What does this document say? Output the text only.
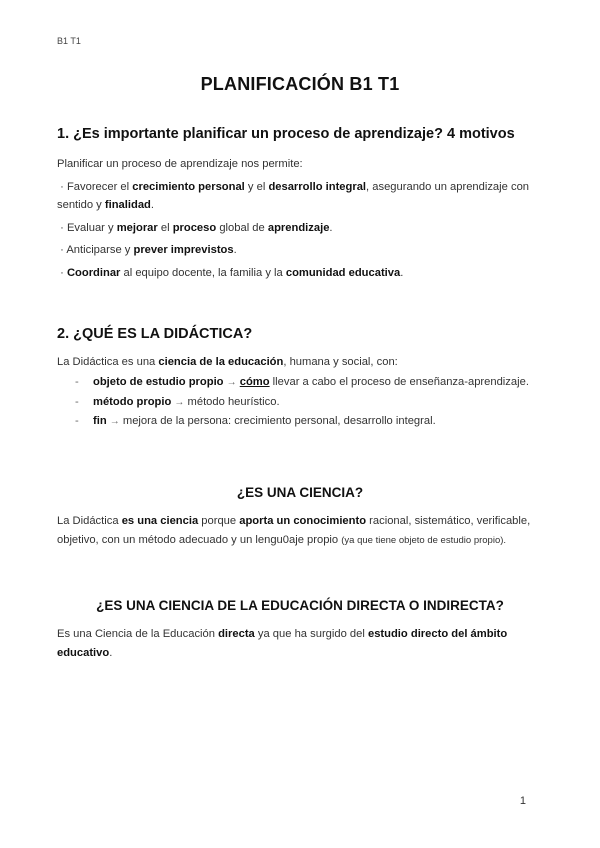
B1 T1
PLANIFICACIÓN B1 T1
1. ¿Es importante planificar un proceso de aprendizaje? 4 motivos
Planificar un proceso de aprendizaje nos permite:
· Favorecer el crecimiento personal y el desarrollo integral, asegurando un aprendizaje con sentido y finalidad.
· Evaluar y mejorar el proceso global de aprendizaje.
· Anticiparse y prever imprevistos.
· Coordinar al equipo docente, la familia y la comunidad educativa.
2. ¿QUÉ ES LA DIDÁCTICA?
La Didáctica es una ciencia de la educación, humana y social, con:
- objeto de estudio propio → cómo llevar a cabo el proceso de enseñanza-aprendizaje.
- método propio → método heurístico.
- fin → mejora de la persona: crecimiento personal, desarrollo integral.
¿ES UNA CIENCIA?
La Didáctica es una ciencia porque aporta un conocimiento racional, sistemático, verificable, objetivo, con un método adecuado y un lengu0aje propio (ya que tiene objeto de estudio propio).
¿ES UNA CIENCIA DE LA EDUCACIÓN DIRECTA O INDIRECTA?
Es una Ciencia de la Educación directa ya que ha surgido del estudio directo del ámbito educativo.
1
